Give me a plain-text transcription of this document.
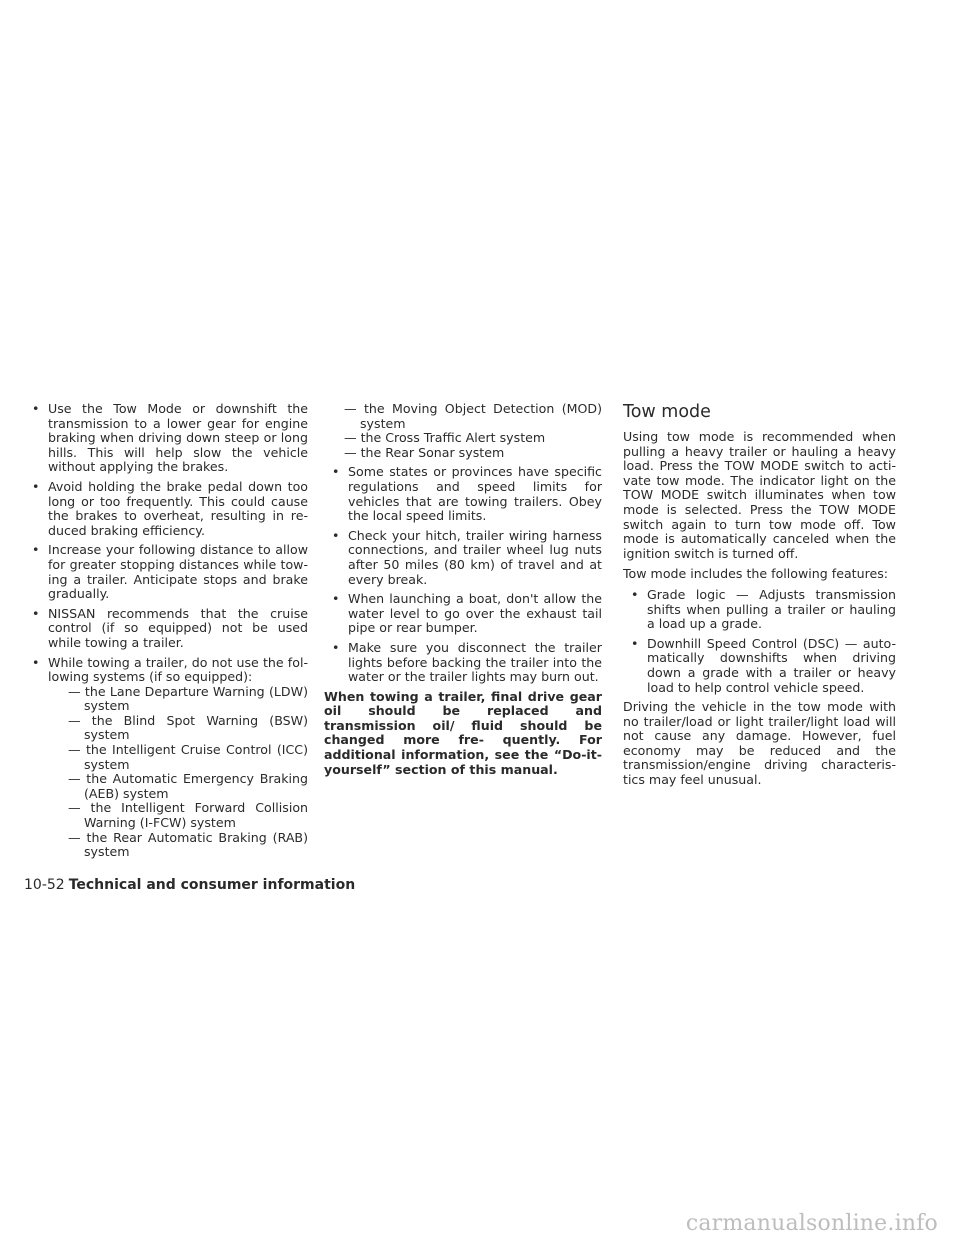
• Use the Tow Mode or downshift the transmission to a lower gear for engine braking when driving down steep or long hills. This will help slow the vehicle without applying the brakes.
• Avoid holding the brake pedal down too long or too frequently. This could cause the brakes to overheat, resulting in re- duced braking efficiency.
• Increase your following distance to allow for greater stopping distances while tow- ing a trailer. Anticipate stops and brake gradually.
• NISSAN recommends that the cruise control (if so equipped) not be used while towing a trailer.
• While towing a trailer, do not use the fol- lowing systems (if so equipped):
— the Lane Departure Warning (LDW) system
— the Blind Spot Warning (BSW) system
— the Intelligent Cruise Control (ICC) system
— the Automatic Emergency Braking (AEB) system
— the Intelligent Forward Collision Warning (I-FCW) system
— the Rear Automatic Braking (RAB) system
— the Moving Object Detection (MOD) system
— the Cross Traffic Alert system
— the Rear Sonar system
• Some states or provinces have specific regulations and speed limits for vehicles that are towing trailers. Obey the local speed limits.
• Check your hitch, trailer wiring harness connections, and trailer wheel lug nuts after 50 miles (80 km) of travel and at every break.
• When launching a boat, don't allow the water level to go over the exhaust tail pipe or rear bumper.
• Make sure you disconnect the trailer lights before backing the trailer into the water or the trailer lights may burn out.

When towing a trailer, final drive gear oil should be replaced and transmission oil/ fluid should be changed more fre- quently. For additional information, see the “Do-it-yourself” section of this manual.

Tow mode

Using tow mode is recommended when pulling a heavy trailer or hauling a heavy load. Press the TOW MODE switch to acti- vate tow mode. The indicator light on the TOW MODE switch illuminates when tow mode is selected. Press the TOW MODE switch again to turn tow mode off. Tow mode is automatically canceled when the ignition switch is turned off.

Tow mode includes the following features:

• Grade logic — Adjusts transmission shifts when pulling a trailer or hauling a load up a grade.
• Downhill Speed Control (DSC) — auto- matically downshifts when driving down a grade with a trailer or heavy load to help control vehicle speed.

Driving the vehicle in the tow mode with no trailer/load or light trailer/light load will not cause any damage. However, fuel economy may be reduced and the transmission/engine driving characteris- tics may feel unusual.

10-52 Technical and consumer information
carmanualsonline.info
